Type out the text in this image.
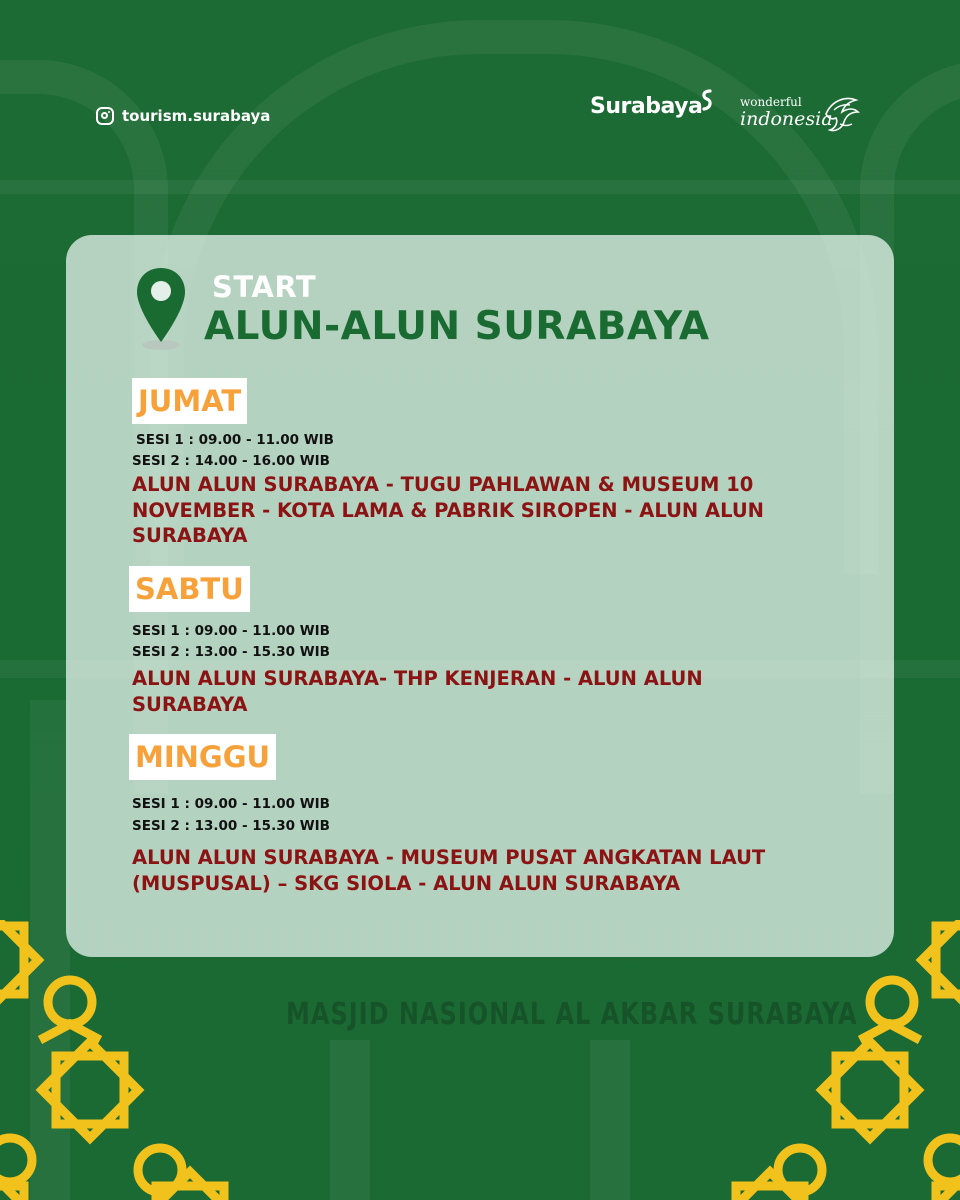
MASJID NASIONAL AL AKBAR SURABAYA
tourism.surabaya	Surabaya	wonderful
indonesia
START
ALUN-ALUN SURABAYA
JUMAT
SESI 1 : 09.00 - 11.00 WIB
SESI 2 : 14.00 - 16.00 WIB
ALUN ALUN SURABAYA - TUGU PAHLAWAN & MUSEUM 10
NOVEMBER - KOTA LAMA & PABRIK SIROPEN - ALUN ALUN
SURABAYA
SABTU
SESI 1 : 09.00 - 11.00 WIB
SESI 2 : 13.00 - 15.30 WIB
ALUN ALUN SURABAYA- THP KENJERAN - ALUN ALUN
SURABAYA
MINGGU
SESI 1 : 09.00 - 11.00 WIB
SESI 2 : 13.00 - 15.30 WIB
ALUN ALUN SURABAYA - MUSEUM PUSAT ANGKATAN LAUT
(MUSPUSAL) – SKG SIOLA - ALUN ALUN SURABAYA
